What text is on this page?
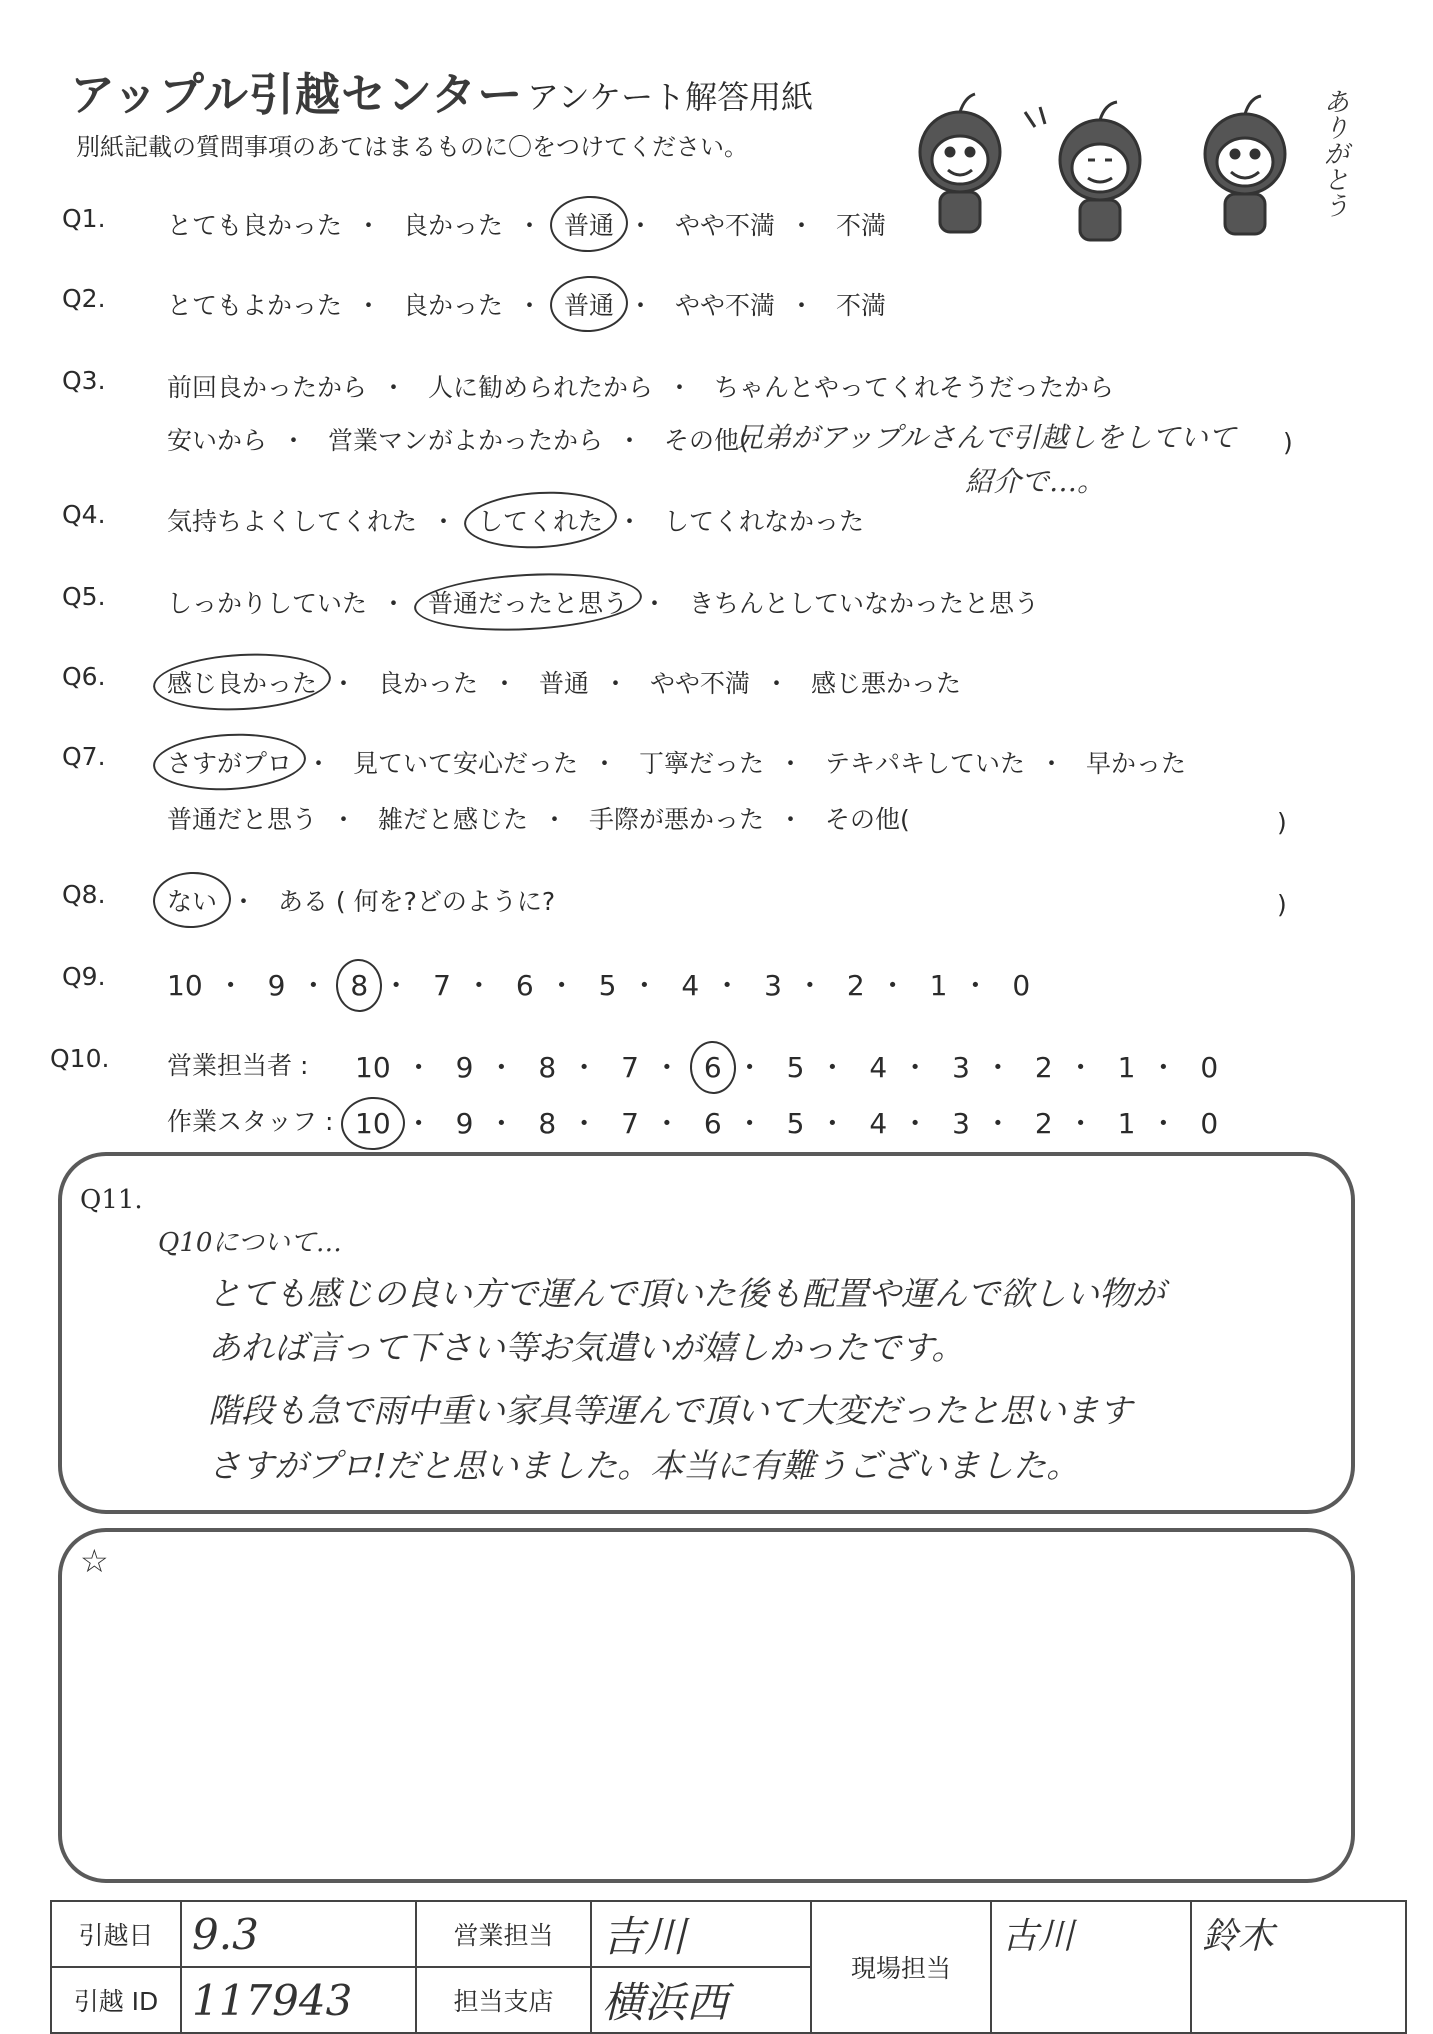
アップル引越センター アンケート解答用紙
別紙記載の質問事項のあてはまるものに〇をつけてください。	ありがとう
Q1. とても良かった ・ 良かった ・ 普通 ・ やや不満 ・ 不満
Q2. とてもよかった ・ 良かった ・ 普通 ・ やや不満 ・ 不満
Q3. 前回良かったから ・ 人に勧められたから ・ ちゃんとやってくれそうだったから
安いから ・ 営業マンがよかったから ・ その他(
兄弟がアップルさんで引越しをしていて )
紹介で…。
Q4. 気持ちよくしてくれた ・ してくれた ・ してくれなかった
Q5. しっかりしていた ・ 普通だったと思う ・ きちんとしていなかったと思う
Q6. 感じ良かった ・ 良かった ・ 普通 ・ やや不満 ・ 感じ悪かった
Q7. さすがプロ ・ 見ていて安心だった ・ 丁寧だった ・ テキパキしていた ・ 早かった
普通だと思う ・ 雑だと感じた ・ 手際が悪かった ・ その他(	)
Q8. ない ・ ある ( 何を?どのように?	)
Q9. 10 ・ 9 ・ 8 ・ 7 ・ 6 ・ 5 ・ 4 ・ 3 ・ 2 ・ 1 ・ 0
Q10. 営業担当者 : 10 ・ 9 ・ 8 ・ 7 ・ 6 ・ 5 ・ 4 ・ 3 ・ 2 ・ 1 ・ 0
作業スタッフ : 10 ・ 9 ・ 8 ・ 7 ・ 6 ・ 5 ・ 4 ・ 3 ・ 2 ・ 1 ・ 0
Q11.
Q10について…
とても感じの良い方で運んで頂いた後も配置や運んで欲しい物が
あれば言って下さい等お気遣いが嬉しかったです。
階段も急で雨中重い家具等運んで頂いて大変だったと思います
さすがプロ!だと思いました。本当に有難うございました。
☆
引越日	9.3	営業担当	吉川	現場担当	古川	鈴木
引越 ID	117943	担当支店	横浜西			
